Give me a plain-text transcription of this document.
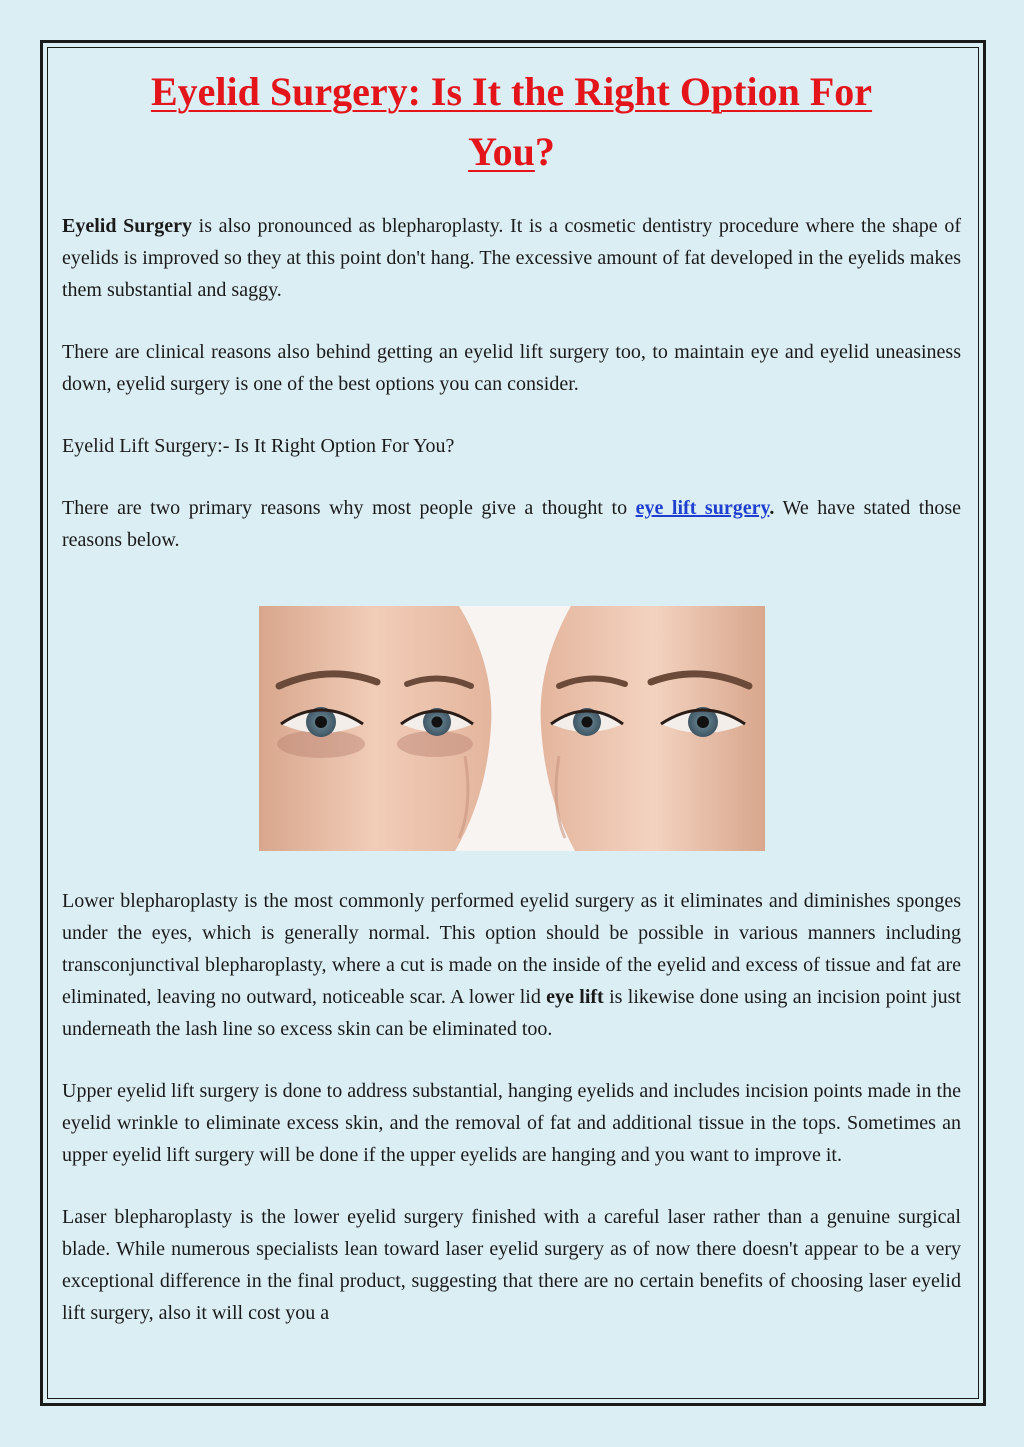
Eyelid Surgery: Is It the Right Option For
You?

Eyelid Surgery is also pronounced as blepharoplasty. It is a cosmetic dentistry procedure where the shape of eyelids is improved so they at this point don't hang. The excessive amount of fat developed in the eyelids makes them substantial and saggy.

There are clinical reasons also behind getting an eyelid lift surgery too, to maintain eye and eyelid uneasiness down, eyelid surgery is one of the best options you can consider.

Eyelid Lift Surgery:- Is It Right Option For You?

There are two primary reasons why most people give a thought to eye lift surgery. We have stated those reasons below.

Lower blepharoplasty is the most commonly performed eyelid surgery as it eliminates and diminishes sponges under the eyes, which is generally normal. This option should be possible in various manners including transconjunctival blepharoplasty, where a cut is made on the inside of the eyelid and excess of tissue and fat are eliminated, leaving no outward, noticeable scar. A lower lid eye lift is likewise done using an incision point just underneath the lash line so excess skin can be eliminated too.

Upper eyelid lift surgery is done to address substantial, hanging eyelids and includes incision points made in the eyelid wrinkle to eliminate excess skin, and the removal of fat and additional tissue in the tops. Sometimes an upper eyelid lift surgery will be done if the upper eyelids are hanging and you want to improve it.

Laser blepharoplasty is the lower eyelid surgery finished with a careful laser rather than a genuine surgical blade. While numerous specialists lean toward laser eyelid surgery as of now there doesn't appear to be a very exceptional difference in the final product, suggesting that there are no certain benefits of choosing laser eyelid lift surgery, also it will cost you a
